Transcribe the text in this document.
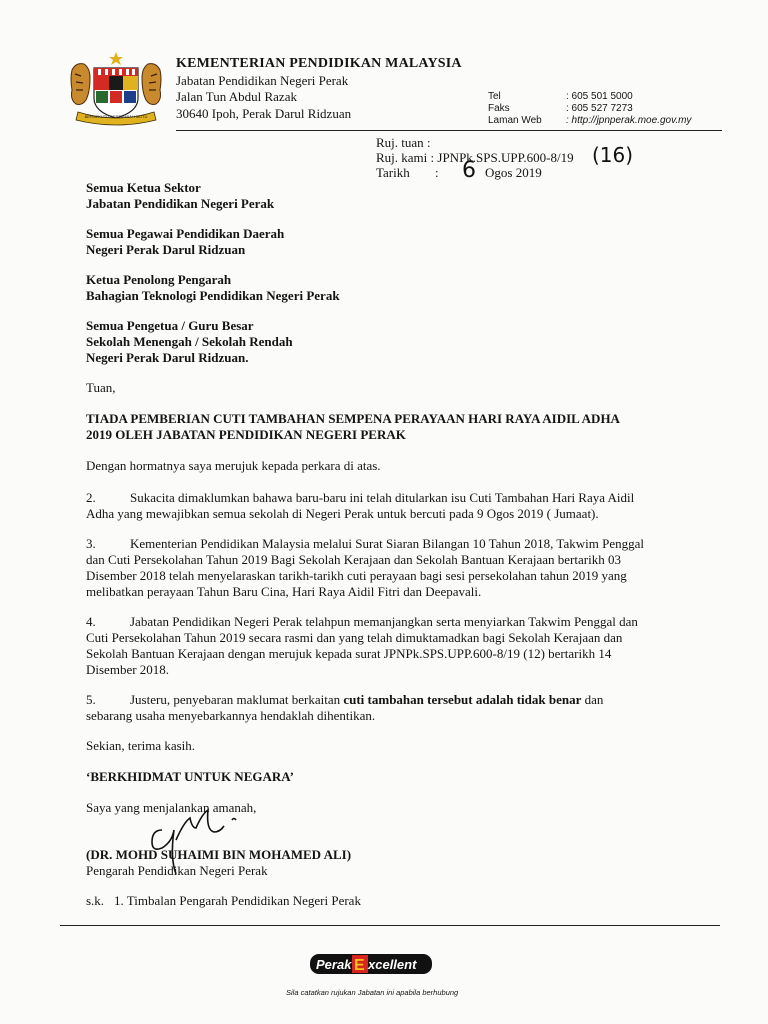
BERSEKUTU BERTAMBAH MUTU
KEMENTERIAN PENDIDIKAN MALAYSIA
Jabatan Pendidikan Negeri Perak
Jalan Tun Abdul Razak
30640 Ipoh, Perak Darul Ridzuan
Tel	: 605 501 5000
Faks	: 605 527 7273
Laman Web : http://jpnperak.moe.gov.my
Ruj. tuan :
Ruj. kami : JPNPk.SPS.UPP.600-8/19 (16)
Tarikh : 6 Ogos 2019
Semua Ketua Sektor
Jabatan Pendidikan Negeri Perak
Semua Pegawai Pendidikan Daerah
Negeri Perak Darul Ridzuan
Ketua Penolong Pengarah
Bahagian Teknologi Pendidikan Negeri Perak
Semua Pengetua / Guru Besar
Sekolah Menengah / Sekolah Rendah
Negeri Perak Darul Ridzuan.
Tuan,
TIADA PEMBERIAN CUTI TAMBAHAN SEMPENA PERAYAAN HARI RAYA AIDIL ADHA
2019 OLEH JABATAN PENDIDIKAN NEGERI PERAK
Dengan hormatnya saya merujuk kepada perkara di atas.
2.	Sukacita dimaklumkan bahawa baru-baru ini telah ditularkan isu Cuti Tambahan Hari Raya Aidil
Adha yang mewajibkan semua sekolah di Negeri Perak untuk bercuti pada 9 Ogos 2019 ( Jumaat).
3.	Kementerian Pendidikan Malaysia melalui Surat Siaran Bilangan 10 Tahun 2018, Takwim Penggal
dan Cuti Persekolahan Tahun 2019 Bagi Sekolah Kerajaan dan Sekolah Bantuan Kerajaan bertarikh 03
Disember 2018 telah menyelaraskan tarikh-tarikh cuti perayaan bagi sesi persekolahan tahun 2019 yang
melibatkan perayaan Tahun Baru Cina, Hari Raya Aidil Fitri dan Deepavali.
4.	Jabatan Pendidikan Negeri Perak telahpun memanjangkan serta menyiarkan Takwim Penggal dan
Cuti Persekolahan Tahun 2019 secara rasmi dan yang telah dimuktamadkan bagi Sekolah Kerajaan dan
Sekolah Bantuan Kerajaan dengan merujuk kepada surat JPNPk.SPS.UPP.600-8/19 (12) bertarikh 14
Disember 2018.
5.	Justeru, penyebaran maklumat berkaitan cuti tambahan tersebut adalah tidak benar dan
sebarang usaha menyebarkannya hendaklah dihentikan.
Sekian, terima kasih.
‘BERKHIDMAT UNTUK NEGARA’
Saya yang menjalankan amanah,
(DR. MOHD SUHAIMI BIN MOHAMED ALI)
Pengarah Pendidikan Negeri Perak
s.k. 1. Timbalan Pengarah Pendidikan Negeri Perak
Perak E xcellent
Sila catatkan rujukan Jabatan ini apabila berhubung
